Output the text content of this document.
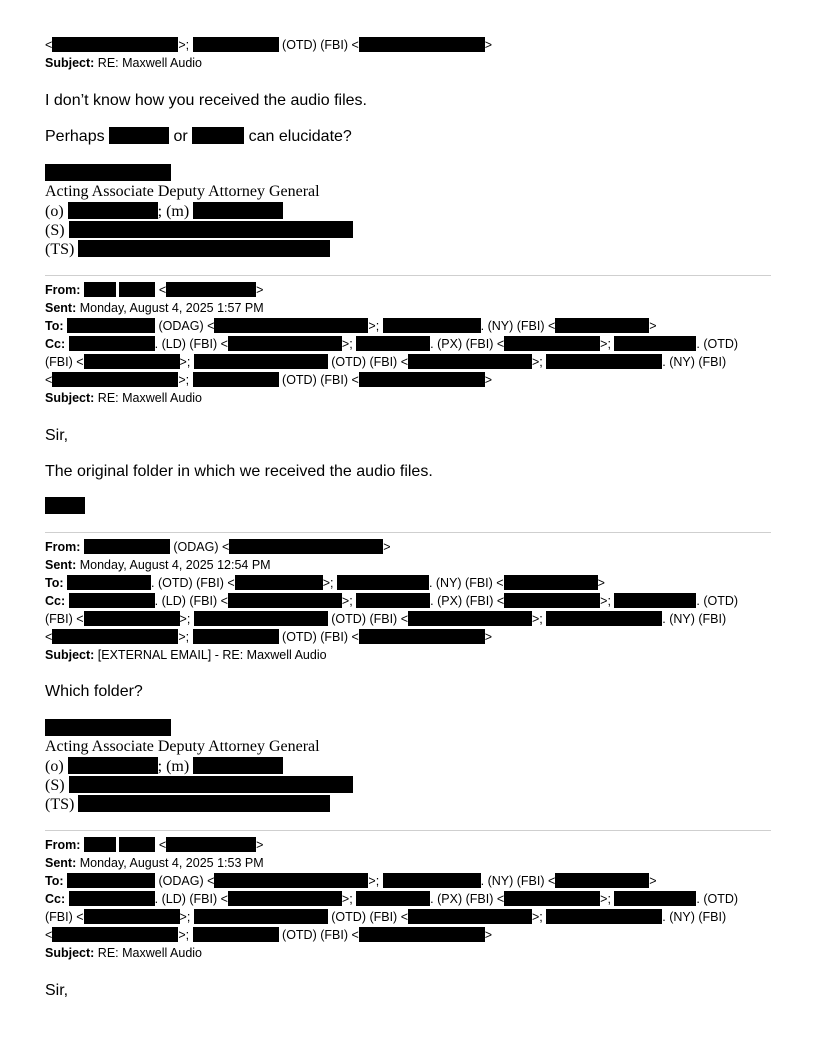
<	>;	(OTD) (FBI) <	>
Subject: RE: Maxwell Audio
I don’t know how you received the audio files.
Perhaps	or	can elucidate?
Acting Associate Deputy Attorney General
(o)	; (m)
(S)
(TS)
From:	<	>
Sent: Monday, August 4, 2025 1:57 PM
To:	(ODAG) <	>;	. (NY) (FBI) <	>
Cc:	. (LD) (FBI) <	>;	. (PX) (FBI) <	>;	. (OTD)
(FBI) <	>;	(OTD) (FBI) <	>;	. (NY) (FBI)
<	>;	(OTD) (FBI) <	>
Subject: RE: Maxwell Audio
Sir,
The original folder in which we received the audio files.
From:	(ODAG) <	>
Sent: Monday, August 4, 2025 12:54 PM
To:	. (OTD) (FBI) <	>;	. (NY) (FBI) <	>
Cc:	. (LD) (FBI) <	>;	. (PX) (FBI) <	>;	. (OTD)
(FBI) <	>;	(OTD) (FBI) <	>;	. (NY) (FBI)
<	>;	(OTD) (FBI) <	>
Subject: [EXTERNAL EMAIL] - RE: Maxwell Audio
Which folder?
Acting Associate Deputy Attorney General
(o)	; (m)
(S)
(TS)
From:	<	>
Sent: Monday, August 4, 2025 1:53 PM
To:	(ODAG) <	>;	. (NY) (FBI) <	>
Cc:	. (LD) (FBI) <	>;	. (PX) (FBI) <	>;	. (OTD)
(FBI) <	>;	(OTD) (FBI) <	>;	. (NY) (FBI)
<	>;	(OTD) (FBI) <	>
Subject: RE: Maxwell Audio
Sir,
